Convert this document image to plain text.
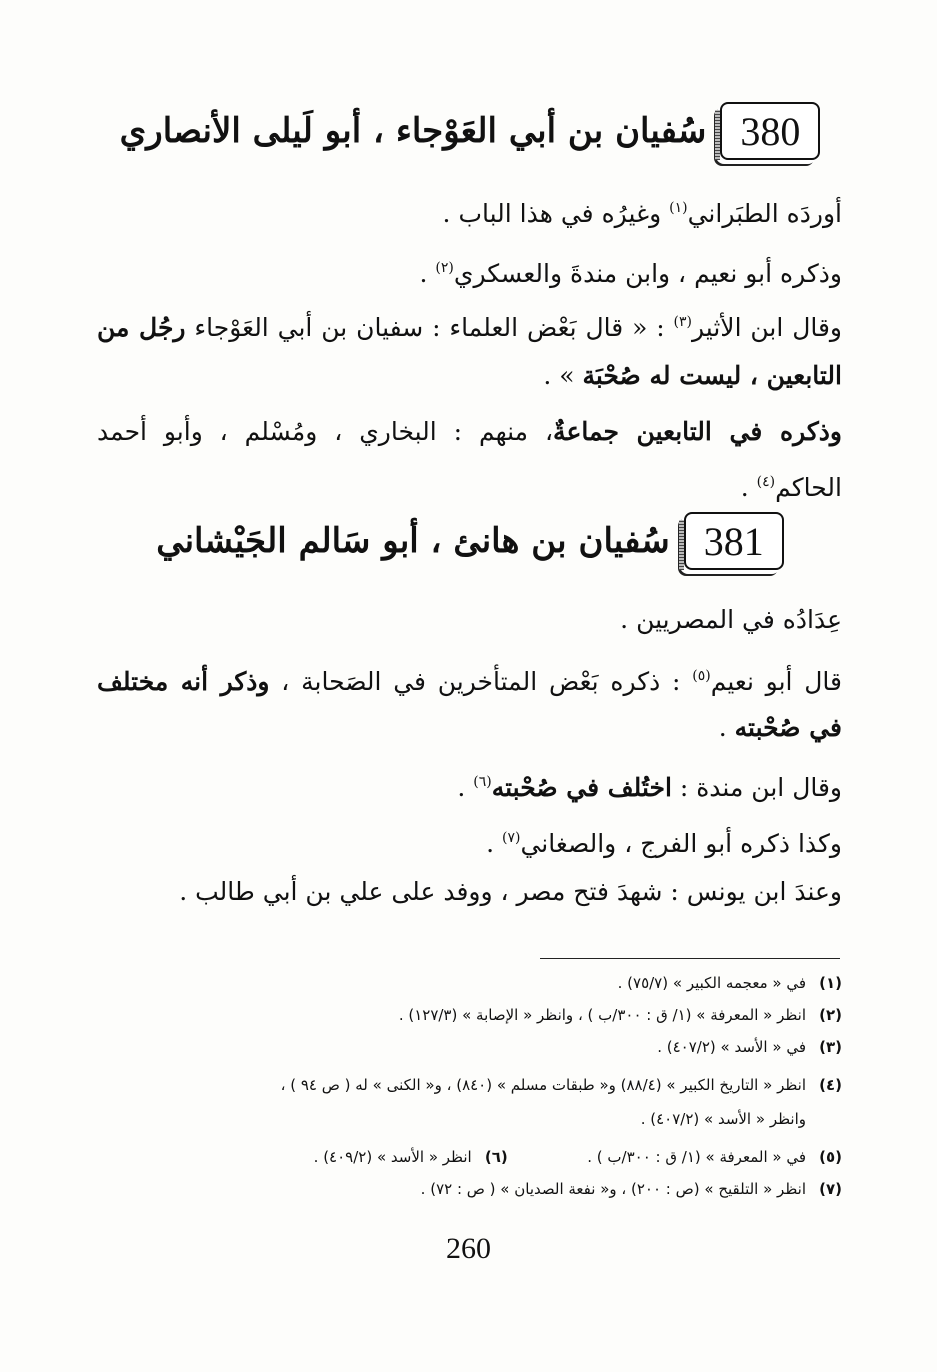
380
سُفيان بن أبي العَوْجاء ، أبو لَيلى الأنصاري
أوردَه الطبَراني$^{(١)}$ وغيرُه في هذا الباب .
وذكره أبو نعيم ، وابن مندةَ والعسكري$^{(٢)}$ .
وقال ابن الأثير$^{(٣)}$ : « قال بَعْض العلماء : سفيان بن أبي العَوْجاء رجُل من
التابعين ، ليست له صُحْبَة » .
وذكره في التابعين جماعةٌ، منهم : البخاري ، ومُسْلم ، وأبو أحمد
الحاكم$^{(٤)}$ .
381
سُفيان بن هانئ ، أبو سَالم الجَيْشاني
عِدَادُه في المصريين .
قال أبو نعيم$^{(٥)}$ : ذكره بَعْض المتأخرين في الصَحابة ، وذكر أنه مختلف
في صُحْبته .
وقال ابن مندة : اختُلف في صُحْبته$^{(٦)}$ .
وكذا ذكره أبو الفرج ، والصغاني$^{(٧)}$ .
وعندَ ابن يونس : شهدَ فتح مصر ، ووفد على علي بن أبي طالب .
(١)في « معجمه الكبير » (٧٥/٧) .
(٢)انظر « المعرفة » (١/ ق : ٣٠٠/ب ) ، وانظر « الإصابة » (١٢٧/٣) .
(٣)في « الأسد » (٤٠٧/٢) .
(٤)انظر « التاريخ الكبير » (٨٨/٤) و« طبقات مسلم » (٨٤٠) ، و« الكنى » له ( ص ٩٤ ) ،
وانظر « الأسد » (٤٠٧/٢) .
(٥)في « المعرفة » (١/ ق : ٣٠٠/ب ) .  (٦)انظر « الأسد » (٤٠٩/٢) .
(٧)انظر « التلقيح » (ص : ٢٠٠) ، و« نفعة الصديان » ( ص : ٧٢) .
260
